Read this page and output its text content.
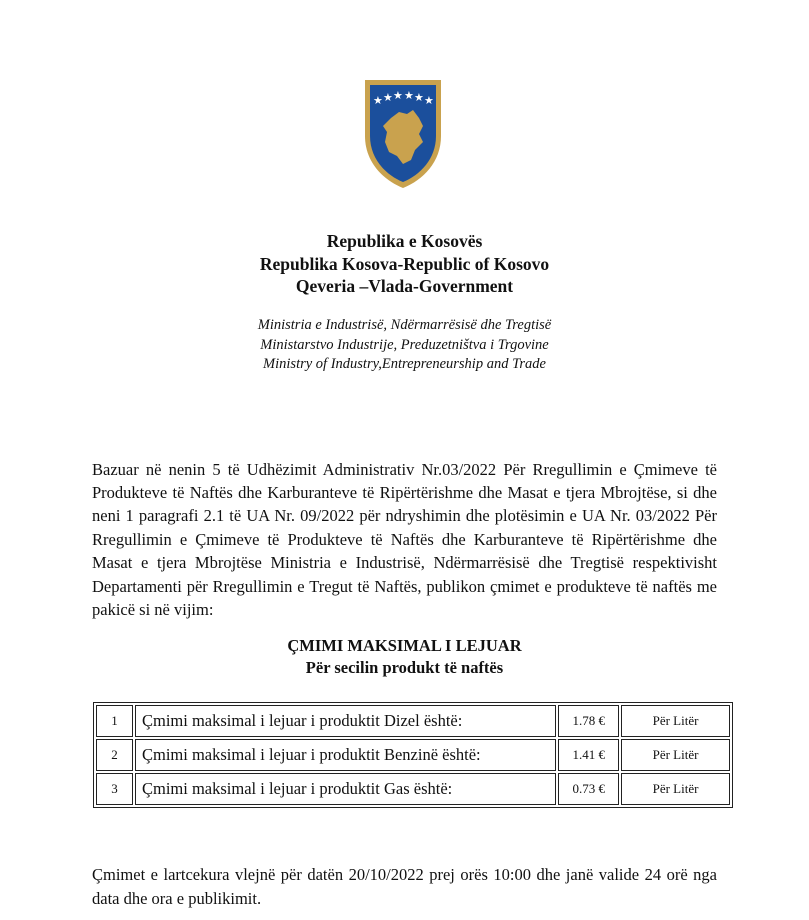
★ ★ ★ ★ ★ ★
Republika e Kosovës
Republika Kosova-Republic of Kosovo
Qeveria –Vlada-Government
Ministria e Industrisë, Ndërmarrësisë dhe Tregtisë
Ministarstvo Industrije, Preduzetništva i Trgovine
Ministry of Industry,Entrepreneurship and Trade

Bazuar në nenin 5 të Udhëzimit Administrativ Nr.03/2022 Për Rregullimin e Çmimeve të Produkteve të Naftës dhe Karburanteve të Ripërtërishme dhe Masat e tjera Mbrojtëse, si dhe neni 1 paragrafi 2.1 të UA Nr. 09/2022 për ndryshimin dhe plotësimin e UA Nr. 03/2022 Për Rregullimin e Çmimeve të Produkteve të Naftës dhe Karburanteve të Ripërtërishme dhe Masat e tjera Mbrojtëse Ministria e Industrisë, Ndërmarrësisë dhe Tregtisë respektivisht Departamenti për Rregullimin e Tregut të Naftës, publikon çmimet e produkteve të naftës me pakicë si në vijim:

ÇMIMI MAKSIMAL I LEJUAR
Për secilin produkt të naftës
1	Çmimi maksimal i lejuar i produktit Dizel është:	1.78 €	Për Litër
2	Çmimi maksimal i lejuar i produktit Benzinë është:	1.41 €	Për Litër
3	Çmimi maksimal i lejuar i produktit Gas është:	0.73 €	Për Litër

Çmimet e lartcekura vlejnë për datën 20/10/2022 prej orës 10:00 dhe janë valide 24 orë nga data dhe ora e publikimit.
